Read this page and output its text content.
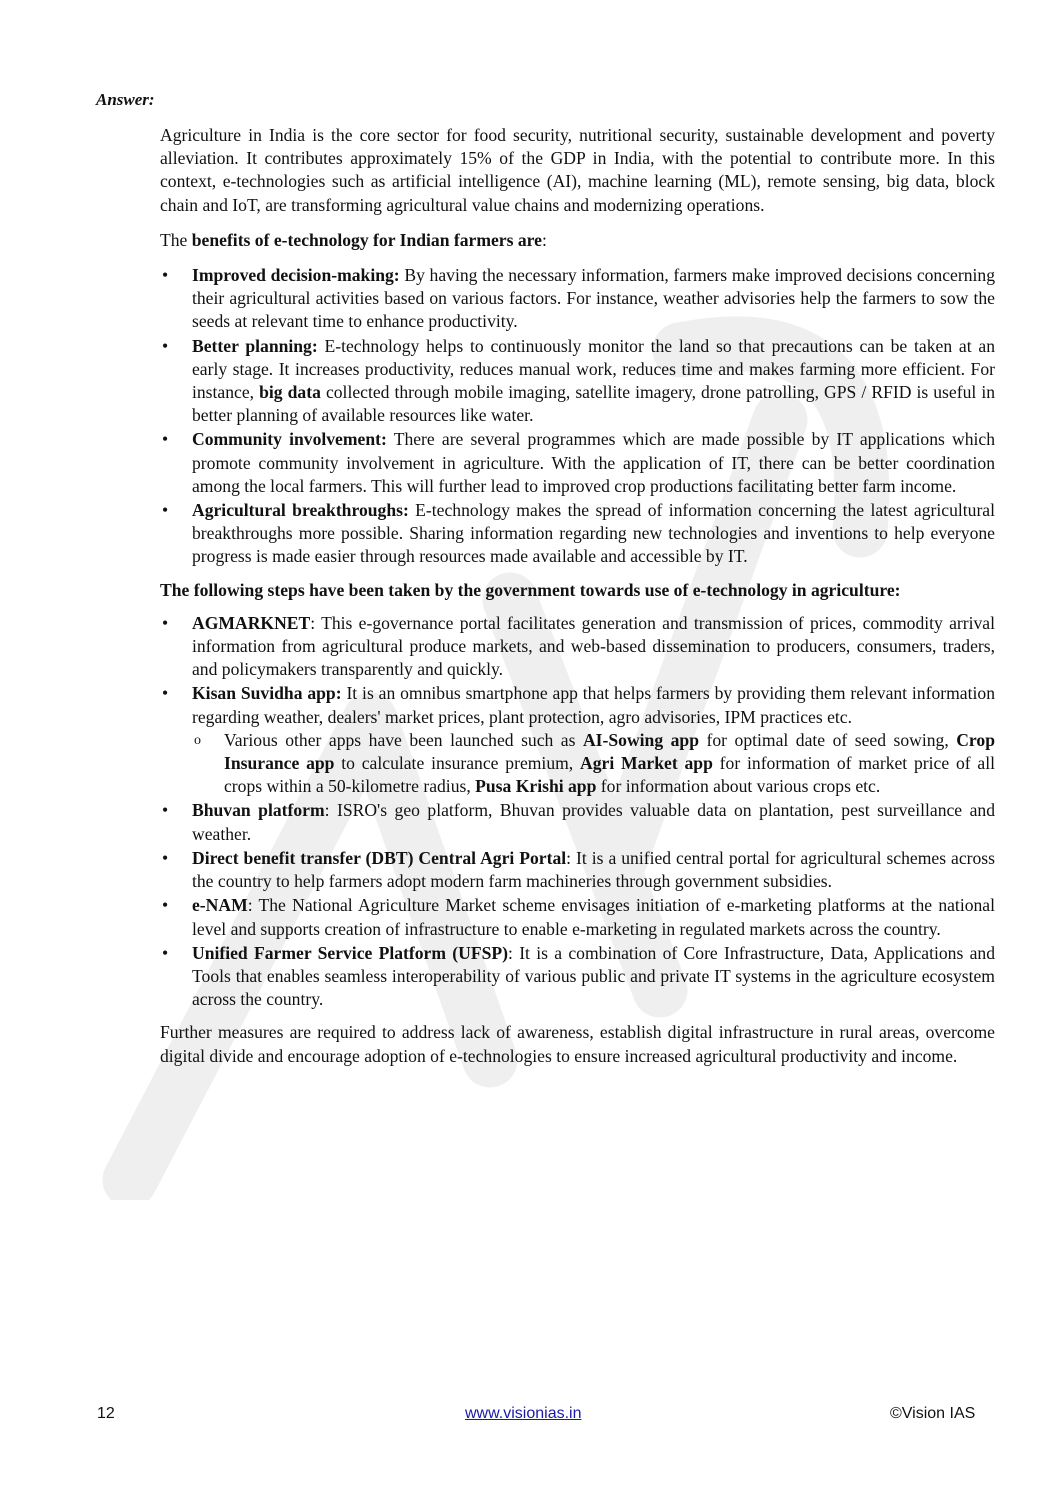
Answer:

Agriculture in India is the core sector for food security, nutritional security, sustainable development and poverty alleviation. It contributes approximately 15% of the GDP in India, with the potential to contribute more. In this context, e-technologies such as artificial intelligence (AI), machine learning (ML), remote sensing, big data, block chain and IoT, are transforming agricultural value chains and modernizing operations.

The benefits of e-technology for Indian farmers are:

• Improved decision-making: By having the necessary information, farmers make improved decisions concerning their agricultural activities based on various factors. For instance, weather advisories help the farmers to sow the seeds at relevant time to enhance productivity.
• Better planning: E-technology helps to continuously monitor the land so that precautions can be taken at an early stage. It increases productivity, reduces manual work, reduces time and makes farming more efficient. For instance, big data collected through mobile imaging, satellite imagery, drone patrolling, GPS / RFID is useful in better planning of available resources like water.
• Community involvement: There are several programmes which are made possible by IT applications which promote community involvement in agriculture. With the application of IT, there can be better coordination among the local farmers. This will further lead to improved crop productions facilitating better farm income.
• Agricultural breakthroughs: E-technology makes the spread of information concerning the latest agricultural breakthroughs more possible. Sharing information regarding new technologies and inventions to help everyone progress is made easier through resources made available and accessible by IT.

The following steps have been taken by the government towards use of e-technology in agriculture:

• AGMARKNET: This e-governance portal facilitates generation and transmission of prices, commodity arrival information from agricultural produce markets, and web-based dissemination to producers, consumers, traders, and policymakers transparently and quickly.
• Kisan Suvidha app: It is an omnibus smartphone app that helps farmers by providing them relevant information regarding weather, dealers' market prices, plant protection, agro advisories, IPM practices etc.
o Various other apps have been launched such as AI-Sowing app for optimal date of seed sowing, Crop Insurance app to calculate insurance premium, Agri Market app for information of market price of all crops within a 50-kilometre radius, Pusa Krishi app for information about various crops etc.
• Bhuvan platform: ISRO's geo platform, Bhuvan provides valuable data on plantation, pest surveillance and weather.
• Direct benefit transfer (DBT) Central Agri Portal: It is a unified central portal for agricultural schemes across the country to help farmers adopt modern farm machineries through government subsidies.
• e-NAM: The National Agriculture Market scheme envisages initiation of e-marketing platforms at the national level and supports creation of infrastructure to enable e-marketing in regulated markets across the country.
• Unified Farmer Service Platform (UFSP): It is a combination of Core Infrastructure, Data, Applications and Tools that enables seamless interoperability of various public and private IT systems in the agriculture ecosystem across the country.

Further measures are required to address lack of awareness, establish digital infrastructure in rural areas, overcome digital divide and encourage adoption of e-technologies to ensure increased agricultural productivity and income.

12	www.visionias.in	©Vision IAS
